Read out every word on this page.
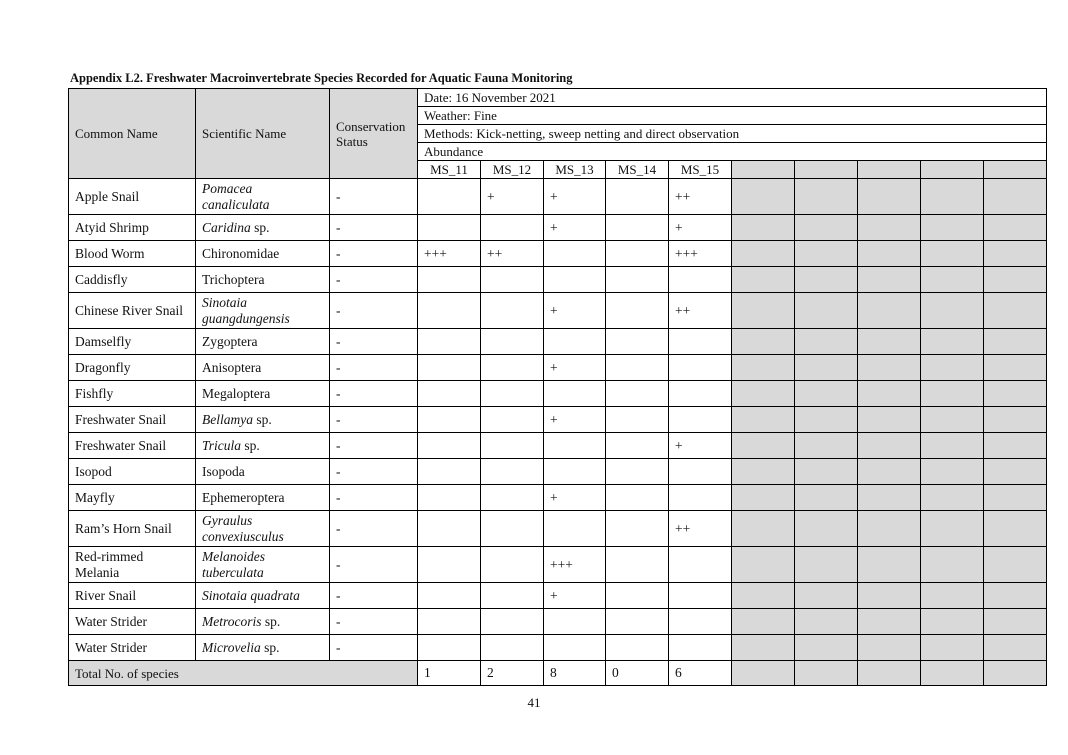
Appendix L2. Freshwater Macroinvertebrate Species Recorded for Aquatic Fauna Monitoring
Common Name	Scientific Name	Conservation Status	Date: 16 November 2021									
			Weather: Fine									
			Methods: Kick-netting, sweep netting and direct observation									
			Abundance									
			MS_11	MS_12	MS_13	MS_14	MS_15					
Apple Snail	Pomacea canaliculata	-		+	+		++					
Atyid Shrimp	Caridina sp.	-			+		+					
Blood Worm	Chironomidae	-	+++	++			+++					
Caddisfly	Trichoptera	-										
Chinese River Snail	Sinotaia guangdungensis	-			+		++					
Damselfly	Zygoptera	-										
Dragonfly	Anisoptera	-			+							
Fishfly	Megaloptera	-										
Freshwater Snail	Bellamya sp.	-			+							
Freshwater Snail	Tricula sp.	-					+					
Isopod	Isopoda	-										
Mayfly	Ephemeroptera	-			+							
Ram’s Horn Snail	Gyraulus convexiusculus	-					++					
Red-rimmed Melania	Melanoides tuberculata	-			+++							
River Snail	Sinotaia quadrata	-			+							
Water Strider	Metrocoris sp.	-										
Water Strider	Microvelia sp.	-										
Total No. of species			1	2	8	0	6					
41
